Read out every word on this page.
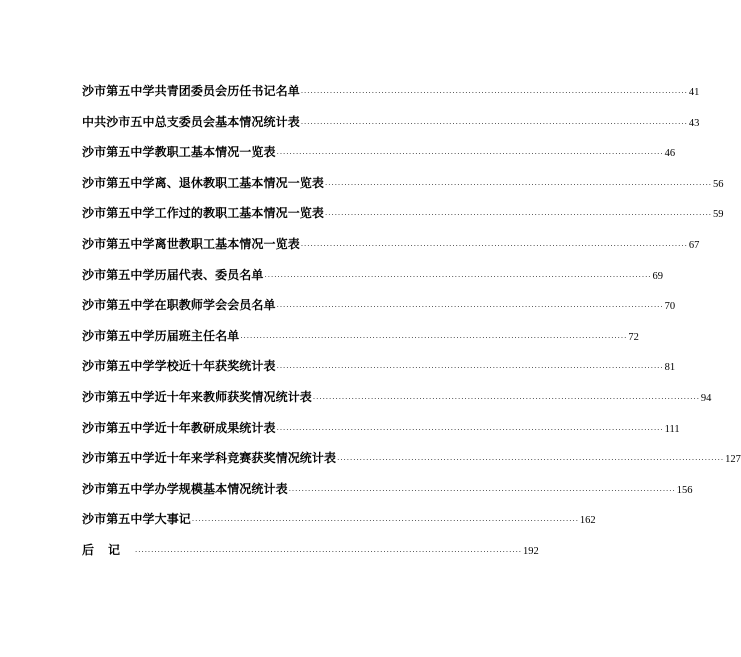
沙市第五中学共青团委员会历任书记名单 ························································································································ 41
中共沙市五中总支委员会基本情况统计表 ························································································································ 43
沙市第五中学教职工基本情况一览表 ························································································································ 46
沙市第五中学离、退休教职工基本情况一览表 ························································································································ 56
沙市第五中学工作过的教职工基本情况一览表 ························································································································ 59
沙市第五中学离世教职工基本情况一览表 ························································································································ 67
沙市第五中学历届代表、委员名单 ························································································································ 69
沙市第五中学在职教师学会会员名单 ························································································································ 70
沙市第五中学历届班主任名单 ························································································································ 72
沙市第五中学学校近十年获奖统计表 ························································································································ 81
沙市第五中学近十年来教师获奖情况统计表 ························································································································ 94
沙市第五中学近十年教研成果统计表 ························································································································ 111
沙市第五中学近十年来学科竞赛获奖情况统计表 ························································································································ 127
沙市第五中学办学规模基本情况统计表 ························································································································ 156
沙市第五中学大事记 ························································································································ 162
后记 ························································································································ 192
